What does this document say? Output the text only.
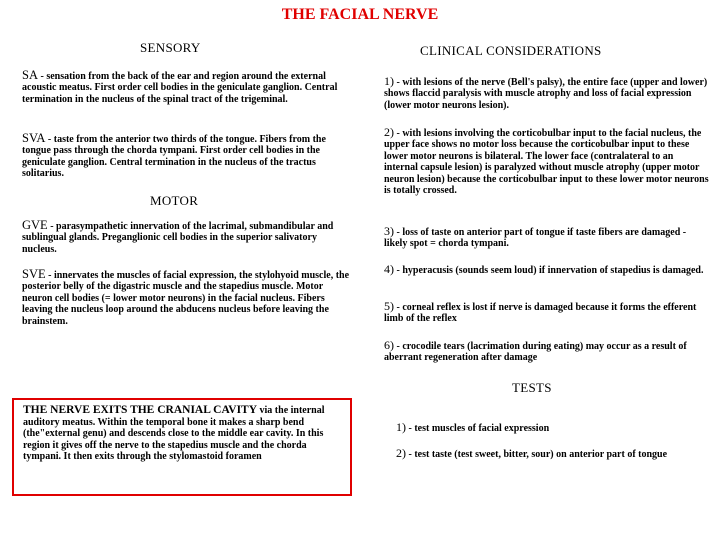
THE FACIAL NERVE
SENSORY
SA - sensation from the back of the ear and region around the external acoustic meatus. First order cell bodies in the geniculate ganglion. Central termination in the nucleus of the spinal tract of the trigeminal.
SVA - taste from the anterior two thirds of the tongue. Fibers from the tongue pass through the chorda tympani. First order cell bodies in the geniculate ganglion. Central termination in the nucleus of the tractus solitarius.
MOTOR
GVE - parasympathetic innervation of the lacrimal, submandibular and sublingual glands. Preganglionic cell bodies in the superior salivatory nucleus.
SVE - innervates the muscles of facial expression, the stylohyoid muscle, the posterior belly of the digastric muscle and the stapedius muscle. Motor neuron cell bodies (= lower motor neurons) in the facial nucleus. Fibers leaving the nucleus loop around the abducens nucleus before leaving the brainstem.
THE NERVE EXITS THE CRANIAL CAVITY via the internal auditory meatus. Within the temporal bone it makes a sharp bend (the"external genu) and descends close to the middle ear cavity. In this region it gives off the nerve to the stapedius muscle and the chorda tympani. It then exits through the stylomastoid foramen
CLINICAL CONSIDERATIONS
1) - with lesions of the nerve (Bell's palsy), the entire face (upper and lower) shows flaccid paralysis with muscle atrophy and loss of facial expression (lower motor neurons lesion).
2) - with lesions involving the corticobulbar input to the facial nucleus, the upper face shows no motor loss because the corticobulbar input to these lower motor neurons is bilateral. The lower face (contralateral to an internal capsule lesion) is paralyzed without muscle atrophy (upper motor neuron lesion) because the corticobulbar input to these lower motor neurons is totally crossed.
3) - loss of taste on anterior part of tongue if taste fibers are damaged - likely spot = chorda tympani.
4) - hyperacusis (sounds seem loud) if innervation of stapedius is damaged.
5) - corneal reflex is lost if nerve is damaged because it forms the efferent limb of the reflex
6) - crocodile tears (lacrimation during eating) may occur as a result of aberrant regeneration after damage
TESTS
1) - test muscles of facial expression
2) - test taste (test sweet, bitter, sour) on anterior part of tongue
